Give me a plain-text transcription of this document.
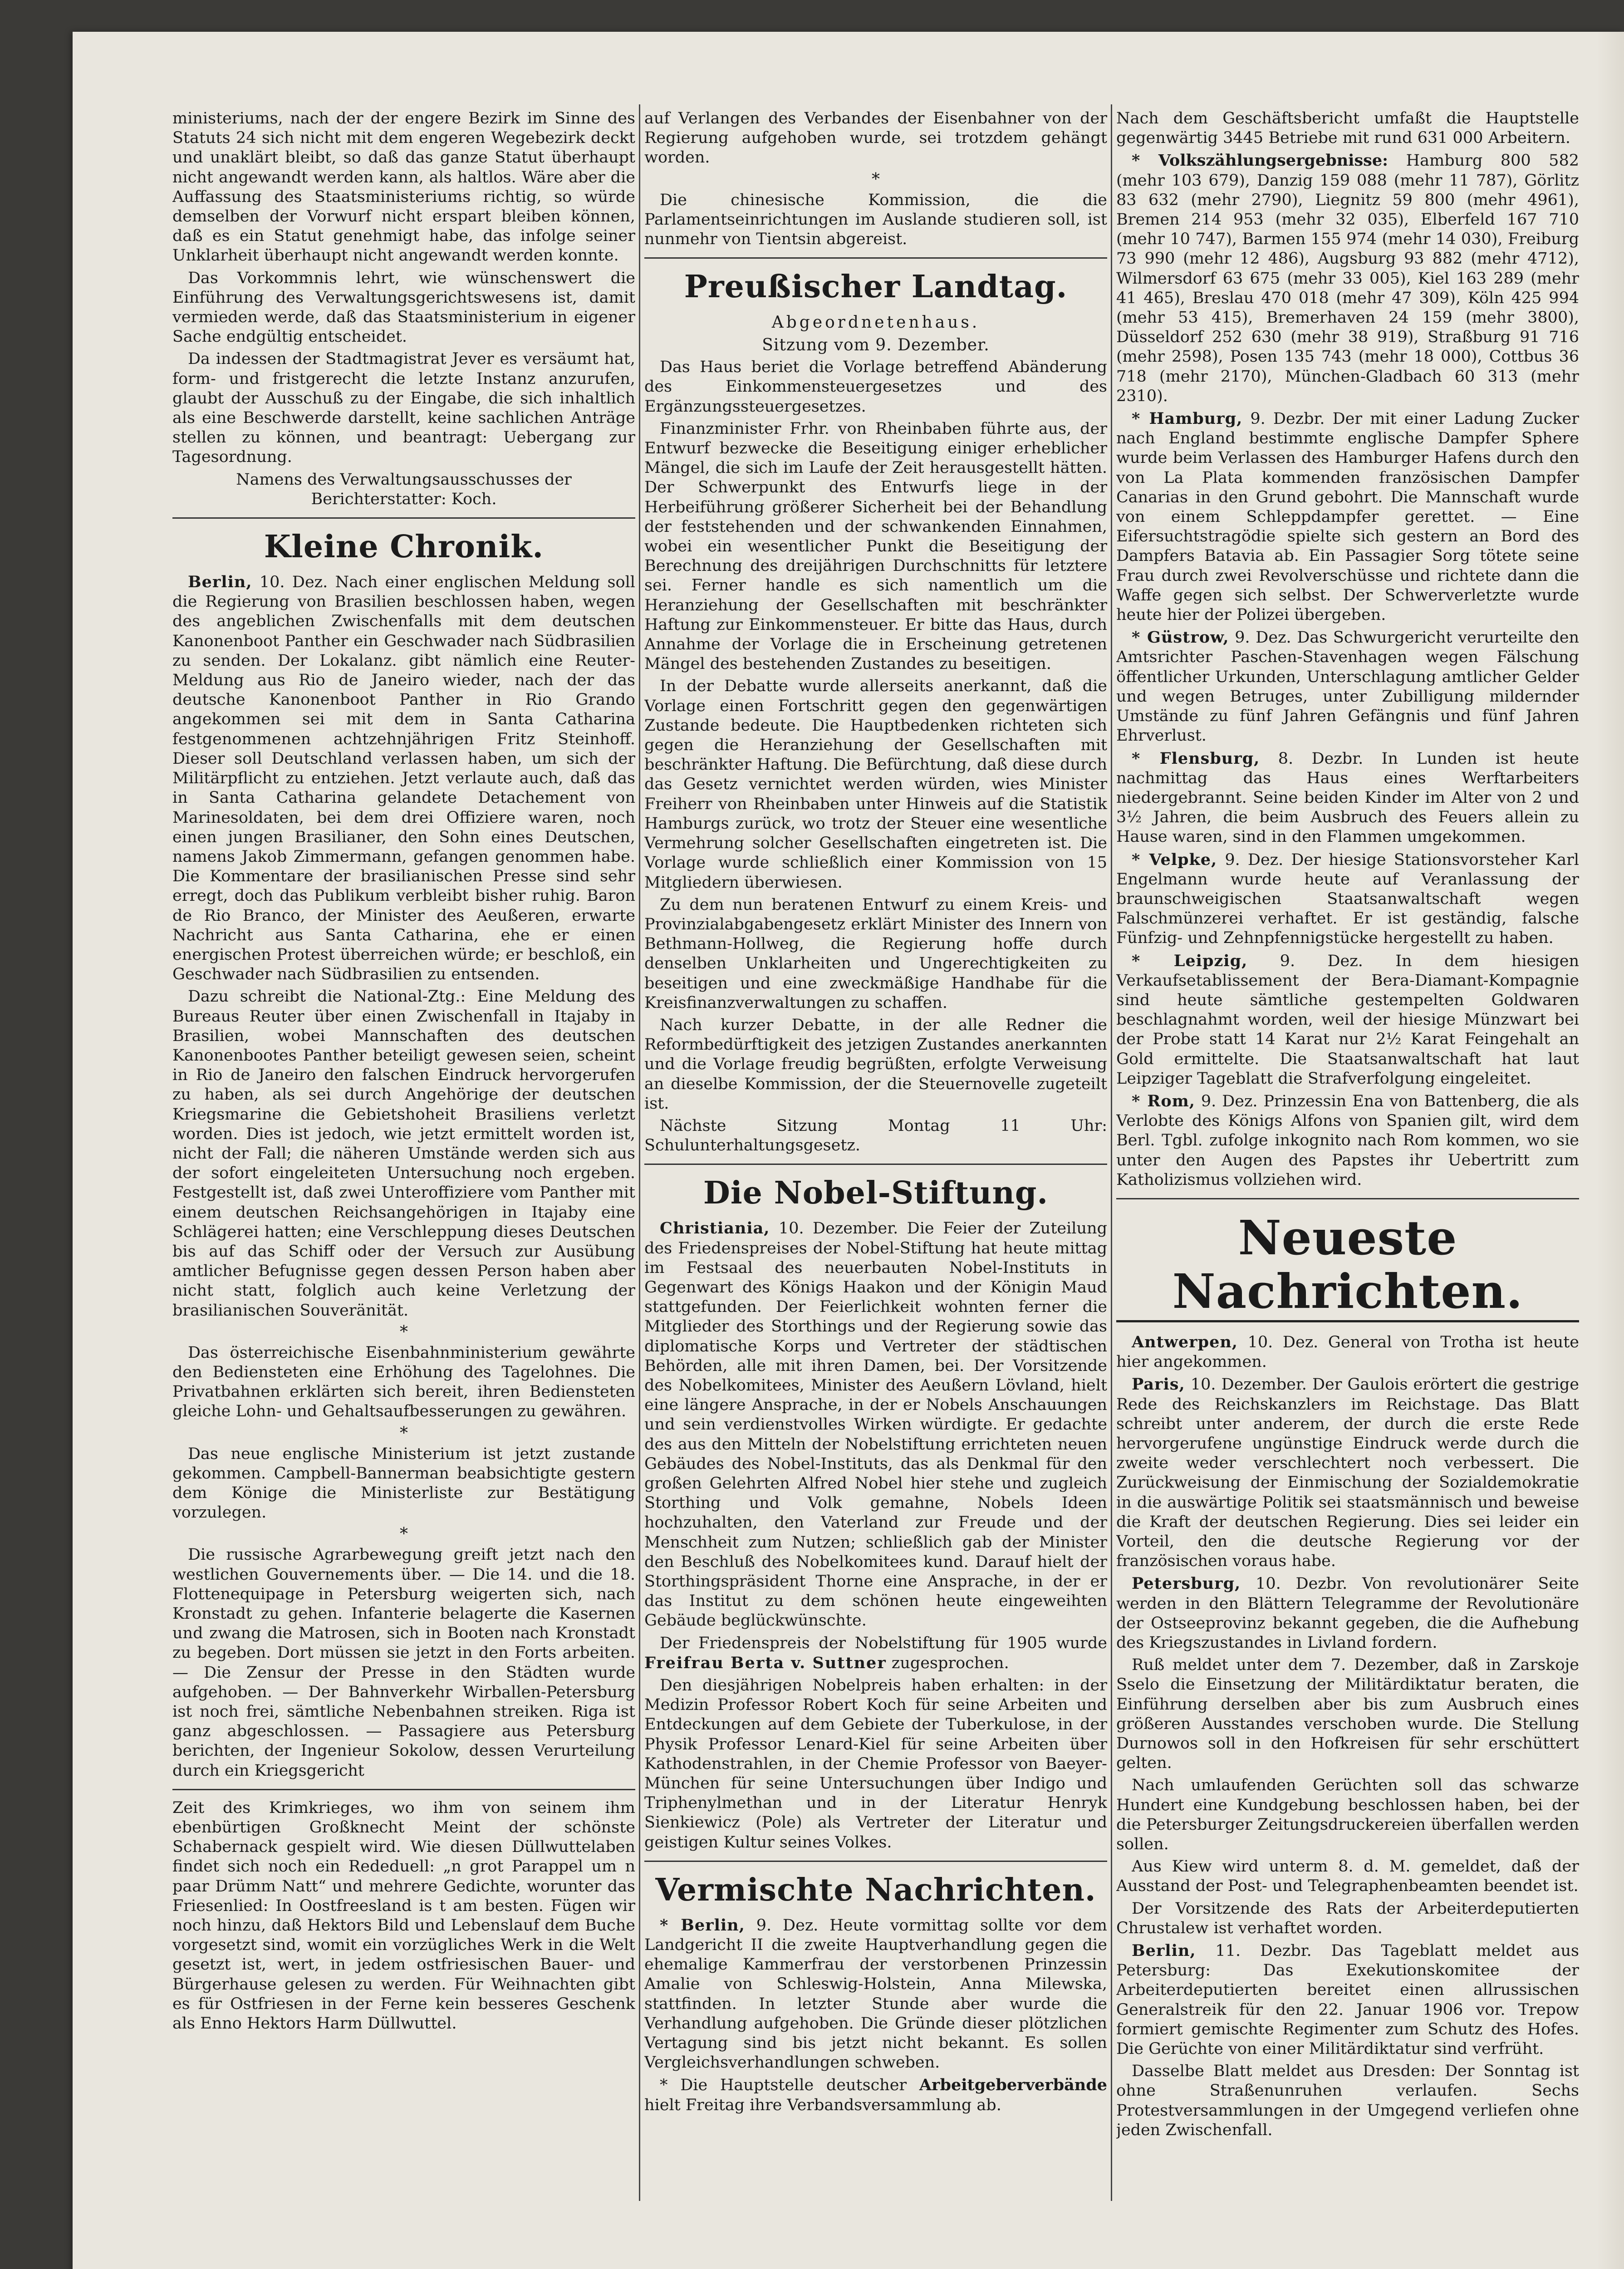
ministeriums, nach der der engere Bezirk im Sinne des Statuts 24 sich nicht mit dem engeren Wegebezirk deckt und unaklärt bleibt, so daß das ganze Statut überhaupt nicht angewandt werden kann, als haltlos. Wäre aber die Auffassung des Staatsministeriums richtig, so würde demselben der Vorwurf nicht erspart bleiben können, daß es ein Statut genehmigt habe, das infolge seiner Unklarheit überhaupt nicht angewandt werden konnte.

Das Vorkommnis lehrt, wie wünschenswert die Einführung des Verwaltungsgerichtswesens ist, damit vermieden werde, daß das Staatsministerium in eigener Sache endgültig entscheidet.

Da indessen der Stadtmagistrat Jever es versäumt hat, form- und fristgerecht die letzte Instanz anzurufen, glaubt der Ausschuß zu der Eingabe, die sich inhaltlich als eine Beschwerde darstellt, keine sachlichen Anträge stellen zu können, und beantragt: Uebergang zur Tagesordnung.

Namens des Verwaltungsausschusses der Berichterstatter: Koch.

Kleine Chronik.

Berlin, 10. Dez. Nach einer englischen Meldung soll die Regierung von Brasilien beschlossen haben, wegen des angeblichen Zwischenfalls mit dem deutschen Kanonenboot Panther ein Geschwader nach Südbrasilien zu senden. Der Lokalanz. gibt nämlich eine Reuter-Meldung aus Rio de Janeiro wieder, nach der das deutsche Kanonenboot Panther in Rio Grando angekommen sei mit dem in Santa Catharina festgenommenen achtzehnjährigen Fritz Steinhoff. Dieser soll Deutschland verlassen haben, um sich der Militärpflicht zu entziehen. Jetzt verlaute auch, daß das in Santa Catharina gelandete Detachement von Marinesoldaten, bei dem drei Offiziere waren, noch einen jungen Brasilianer, den Sohn eines Deutschen, namens Jakob Zimmermann, gefangen genommen habe. Die Kommentare der brasilianischen Presse sind sehr erregt, doch das Publikum verbleibt bisher ruhig. Baron de Rio Branco, der Minister des Aeußeren, erwarte Nachricht aus Santa Catharina, ehe er einen energischen Protest überreichen würde; er beschloß, ein Geschwader nach Südbrasilien zu entsenden.

Dazu schreibt die National-Ztg.: Eine Meldung des Bureaus Reuter über einen Zwischenfall in Itajaby in Brasilien, wobei Mannschaften des deutschen Kanonenbootes Panther beteiligt gewesen seien, scheint in Rio de Janeiro den falschen Eindruck hervorgerufen zu haben, als sei durch Angehörige der deutschen Kriegsmarine die Gebietshoheit Brasiliens verletzt worden. Dies ist jedoch, wie jetzt ermittelt worden ist, nicht der Fall; die näheren Umstände werden sich aus der sofort eingeleiteten Untersuchung noch ergeben. Festgestellt ist, daß zwei Unteroffiziere vom Panther mit einem deutschen Reichsangehörigen in Itajaby eine Schlägerei hatten; eine Verschleppung dieses Deutschen bis auf das Schiff oder der Versuch zur Ausübung amtlicher Befugnisse gegen dessen Person haben aber nicht statt, folglich auch keine Verletzung der brasilianischen Souveränität.

*

Das österreichische Eisenbahnministerium gewährte den Bediensteten eine Erhöhung des Tagelohnes. Die Privatbahnen erklärten sich bereit, ihren Bediensteten gleiche Lohn- und Gehaltsaufbesserungen zu gewähren.

*

Das neue englische Ministerium ist jetzt zustande gekommen. Campbell-Bannerman beabsichtigte gestern dem Könige die Ministerliste zur Bestätigung vorzulegen.

*

Die russische Agrarbewegung greift jetzt nach den westlichen Gouvernements über. — Die 14. und die 18. Flottenequipage in Petersburg weigerten sich, nach Kronstadt zu gehen. Infanterie belagerte die Kasernen und zwang die Matrosen, sich in Booten nach Kronstadt zu begeben. Dort müssen sie jetzt in den Forts arbeiten. — Die Zensur der Presse in den Städten wurde aufgehoben. — Der Bahnverkehr Wirballen-Petersburg ist noch frei, sämtliche Nebenbahnen streiken. Riga ist ganz abgeschlossen. — Passagiere aus Petersburg berichten, der Ingenieur Sokolow, dessen Verurteilung durch ein Kriegsgericht

Zeit des Krimkrieges, wo ihm von seinem ihm ebenbürtigen Großknecht Meint der schönste Schabernack gespielt wird. Wie diesen Düllwuttelaben findet sich noch ein Rededuell: „n grot Parappel um n paar Drümm Natt“ und mehrere Gedichte, worunter das Friesenlied: In Oostfreesland is t am besten. Fügen wir noch hinzu, daß Hektors Bild und Lebenslauf dem Buche vorgesetzt sind, womit ein vorzügliches Werk in die Welt gesetzt ist, wert, in jedem ostfriesischen Bauer- und Bürgerhause gelesen zu werden. Für Weihnachten gibt es für Ostfriesen in der Ferne kein besseres Geschenk als Enno Hektors Harm Düllwuttel.

auf Verlangen des Verbandes der Eisenbahner von der Regierung aufgehoben wurde, sei trotzdem gehängt worden.

*

Die chinesische Kommission, die die Parlamentseinrichtungen im Auslande studieren soll, ist nunmehr von Tientsin abgereist.

Preußischer Landtag.
Abgeordnetenhaus.
Sitzung vom 9. Dezember.

Das Haus beriet die Vorlage betreffend Abänderung des Einkommensteuergesetzes und des Ergänzungssteuergesetzes.

Finanzminister Frhr. von Rheinbaben führte aus, der Entwurf bezwecke die Beseitigung einiger erheblicher Mängel, die sich im Laufe der Zeit herausgestellt hätten. Der Schwerpunkt des Entwurfs liege in der Herbeiführung größerer Sicherheit bei der Behandlung der feststehenden und der schwankenden Einnahmen, wobei ein wesentlicher Punkt die Beseitigung der Berechnung des dreijährigen Durchschnitts für letztere sei. Ferner handle es sich namentlich um die Heranziehung der Gesellschaften mit beschränkter Haftung zur Einkommensteuer. Er bitte das Haus, durch Annahme der Vorlage die in Erscheinung getretenen Mängel des bestehenden Zustandes zu beseitigen.

In der Debatte wurde allerseits anerkannt, daß die Vorlage einen Fortschritt gegen den gegenwärtigen Zustande bedeute. Die Hauptbedenken richteten sich gegen die Heranziehung der Gesellschaften mit beschränkter Haftung. Die Befürchtung, daß diese durch das Gesetz vernichtet werden würden, wies Minister Freiherr von Rheinbaben unter Hinweis auf die Statistik Hamburgs zurück, wo trotz der Steuer eine wesentliche Vermehrung solcher Gesellschaften eingetreten ist. Die Vorlage wurde schließlich einer Kommission von 15 Mitgliedern überwiesen.

Zu dem nun beratenen Entwurf zu einem Kreis- und Provinzialabgabengesetz erklärt Minister des Innern von Bethmann-Hollweg, die Regierung hoffe durch denselben Unklarheiten und Ungerechtigkeiten zu beseitigen und eine zweckmäßige Handhabe für die Kreisfinanzverwaltungen zu schaffen.

Nach kurzer Debatte, in der alle Redner die Reformbedürftigkeit des jetzigen Zustandes anerkannten und die Vorlage freudig begrüßten, erfolgte Verweisung an dieselbe Kommission, der die Steuernovelle zugeteilt ist.

Nächste Sitzung Montag 11 Uhr: Schulunterhaltungsgesetz.

Die Nobel-Stiftung.

Christiania, 10. Dezember. Die Feier der Zuteilung des Friedenspreises der Nobel-Stiftung hat heute mittag im Festsaal des neuerbauten Nobel-Instituts in Gegenwart des Königs Haakon und der Königin Maud stattgefunden. Der Feierlichkeit wohnten ferner die Mitglieder des Storthings und der Regierung sowie das diplomatische Korps und Vertreter der städtischen Behörden, alle mit ihren Damen, bei. Der Vorsitzende des Nobelkomitees, Minister des Aeußern Lövland, hielt eine längere Ansprache, in der er Nobels Anschauungen und sein verdienstvolles Wirken würdigte. Er gedachte des aus den Mitteln der Nobelstiftung errichteten neuen Gebäudes des Nobel-Instituts, das als Denkmal für den großen Gelehrten Alfred Nobel hier stehe und zugleich Storthing und Volk gemahne, Nobels Ideen hochzuhalten, den Vaterland zur Freude und der Menschheit zum Nutzen; schließlich gab der Minister den Beschluß des Nobelkomitees kund. Darauf hielt der Storthingspräsident Thorne eine Ansprache, in der er das Institut zu dem schönen heute eingeweihten Gebäude beglückwünschte.

Der Friedenspreis der Nobelstiftung für 1905 wurde Freifrau Berta v. Suttner zugesprochen.

Den diesjährigen Nobelpreis haben erhalten: in der Medizin Professor Robert Koch für seine Arbeiten und Entdeckungen auf dem Gebiete der Tuberkulose, in der Physik Professor Lenard-Kiel für seine Arbeiten über Kathodenstrahlen, in der Chemie Professor von Baeyer-München für seine Untersuchungen über Indigo und Triphenylmethan und in der Literatur Henryk Sienkiewicz (Pole) als Vertreter der Literatur und geistigen Kultur seines Volkes.

Vermischte Nachrichten.

* Berlin, 9. Dez. Heute vormittag sollte vor dem Landgericht II die zweite Hauptverhandlung gegen die ehemalige Kammerfrau der verstorbenen Prinzessin Amalie von Schleswig-Holstein, Anna Milewska, stattfinden. In letzter Stunde aber wurde die Verhandlung aufgehoben. Die Gründe dieser plötzlichen Vertagung sind bis jetzt nicht bekannt. Es sollen Vergleichsverhandlungen schweben.

* Die Hauptstelle deutscher Arbeitgeberverbände hielt Freitag ihre Verbandsversammlung ab.

Nach dem Geschäftsbericht umfaßt die Hauptstelle gegenwärtig 3445 Betriebe mit rund 631 000 Arbeitern.

* Volkszählungsergebnisse: Hamburg 800 582 (mehr 103 679), Danzig 159 088 (mehr 11 787), Görlitz 83 632 (mehr 2790), Liegnitz 59 800 (mehr 4961), Bremen 214 953 (mehr 32 035), Elberfeld 167 710 (mehr 10 747), Barmen 155 974 (mehr 14 030), Freiburg 73 990 (mehr 12 486), Augsburg 93 882 (mehr 4712), Wilmersdorf 63 675 (mehr 33 005), Kiel 163 289 (mehr 41 465), Breslau 470 018 (mehr 47 309), Köln 425 994 (mehr 53 415), Bremerhaven 24 159 (mehr 3800), Düsseldorf 252 630 (mehr 38 919), Straßburg 91 716 (mehr 2598), Posen 135 743 (mehr 18 000), Cottbus 36 718 (mehr 2170), München-Gladbach 60 313 (mehr 2310).

* Hamburg, 9. Dezbr. Der mit einer Ladung Zucker nach England bestimmte englische Dampfer Sphere wurde beim Verlassen des Hamburger Hafens durch den von La Plata kommenden französischen Dampfer Canarias in den Grund gebohrt. Die Mannschaft wurde von einem Schleppdampfer gerettet. — Eine Eifersuchtstragödie spielte sich gestern an Bord des Dampfers Batavia ab. Ein Passagier Sorg tötete seine Frau durch zwei Revolverschüsse und richtete dann die Waffe gegen sich selbst. Der Schwerverletzte wurde heute hier der Polizei übergeben.

* Güstrow, 9. Dez. Das Schwurgericht verurteilte den Amtsrichter Paschen-Stavenhagen wegen Fälschung öffentlicher Urkunden, Unterschlagung amtlicher Gelder und wegen Betruges, unter Zubilligung mildernder Umstände zu fünf Jahren Gefängnis und fünf Jahren Ehrverlust.

* Flensburg, 8. Dezbr. In Lunden ist heute nachmittag das Haus eines Werftarbeiters niedergebrannt. Seine beiden Kinder im Alter von 2 und 3½ Jahren, die beim Ausbruch des Feuers allein zu Hause waren, sind in den Flammen umgekommen.

* Velpke, 9. Dez. Der hiesige Stationsvorsteher Karl Engelmann wurde heute auf Veranlassung der braunschweigischen Staatsanwaltschaft wegen Falschmünzerei verhaftet. Er ist geständig, falsche Fünfzig- und Zehnpfennigstücke hergestellt zu haben.

* Leipzig, 9. Dez. In dem hiesigen Verkaufsetablissement der Bera-Diamant-Kompagnie sind heute sämtliche gestempelten Goldwaren beschlagnahmt worden, weil der hiesige Münzwart bei der Probe statt 14 Karat nur 2½ Karat Feingehalt an Gold ermittelte. Die Staatsanwaltschaft hat laut Leipziger Tageblatt die Strafverfolgung eingeleitet.

* Rom, 9. Dez. Prinzessin Ena von Battenberg, die als Verlobte des Königs Alfons von Spanien gilt, wird dem Berl. Tgbl. zufolge inkognito nach Rom kommen, wo sie unter den Augen des Papstes ihr Uebertritt zum Katholizismus vollziehen wird.

Neueste Nachrichten.

Antwerpen, 10. Dez. General von Trotha ist heute hier angekommen.

Paris, 10. Dezember. Der Gaulois erörtert die gestrige Rede des Reichskanzlers im Reichstage. Das Blatt schreibt unter anderem, der durch die erste Rede hervorgerufene ungünstige Eindruck werde durch die zweite weder verschlechtert noch verbessert. Die Zurückweisung der Einmischung der Sozialdemokratie in die auswärtige Politik sei staatsmännisch und beweise die Kraft der deutschen Regierung. Dies sei leider ein Vorteil, den die deutsche Regierung vor der französischen voraus habe.

Petersburg, 10. Dezbr. Von revolutionärer Seite werden in den Blättern Telegramme der Revolutionäre der Ostseeprovinz bekannt gegeben, die die Aufhebung des Kriegszustandes in Livland fordern.

Ruß meldet unter dem 7. Dezember, daß in Zarskoje Sselo die Einsetzung der Militärdiktatur beraten, die Einführung derselben aber bis zum Ausbruch eines größeren Ausstandes verschoben wurde. Die Stellung Durnowos soll in den Hofkreisen für sehr erschüttert gelten.

Nach umlaufenden Gerüchten soll das schwarze Hundert eine Kundgebung beschlossen haben, bei der die Petersburger Zeitungsdruckereien überfallen werden sollen.

Aus Kiew wird unterm 8. d. M. gemeldet, daß der Ausstand der Post- und Telegraphenbeamten beendet ist.

Der Vorsitzende des Rats der Arbeiterdeputierten Chrustalew ist verhaftet worden.

Berlin, 11. Dezbr. Das Tageblatt meldet aus Petersburg: Das Exekutionskomitee der Arbeiterdeputierten bereitet einen allrussischen Generalstreik für den 22. Januar 1906 vor. Trepow formiert gemischte Regimenter zum Schutz des Hofes. Die Gerüchte von einer Militärdiktatur sind verfrüht.

Dasselbe Blatt meldet aus Dresden: Der Sonntag ist ohne Straßenunruhen verlaufen. Sechs Protestversammlungen in der Umgegend verliefen ohne jeden Zwischenfall.
